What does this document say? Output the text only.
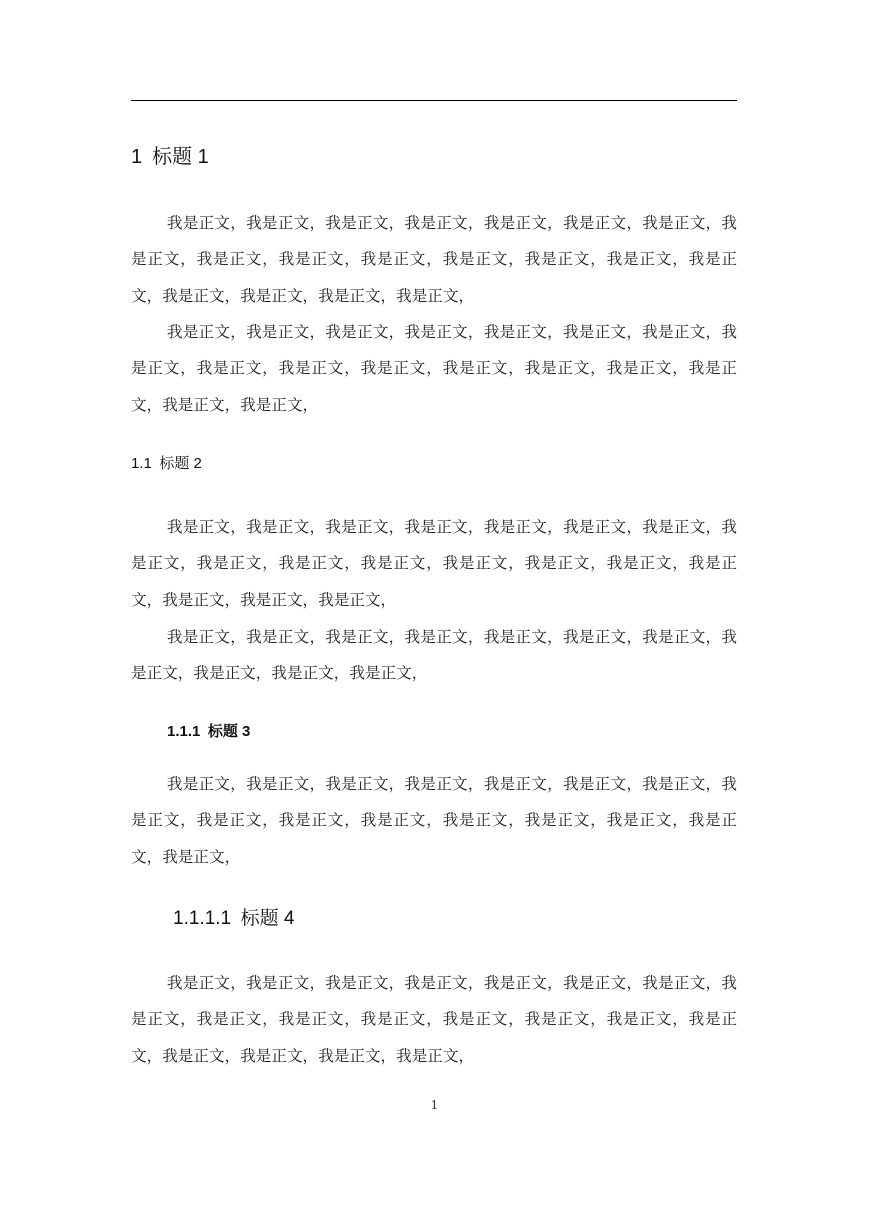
1 标题 1

我是正文，我是正文，我是正文，我是正文，我是正文，我是正文，我是正文，我是正文，我是正文，我是正文，我是正文，我是正文，我是正文，我是正文，我是正文，我是正文，我是正文，我是正文，我是正文，

我是正文，我是正文，我是正文，我是正文，我是正文，我是正文，我是正文，我是正文，我是正文，我是正文，我是正文，我是正文，我是正文，我是正文，我是正文，我是正文，我是正文，

1.1 标题 2

我是正文，我是正文，我是正文，我是正文，我是正文，我是正文，我是正文，我是正文，我是正文，我是正文，我是正文，我是正文，我是正文，我是正文，我是正文，我是正文，我是正文，我是正文，

我是正文，我是正文，我是正文，我是正文，我是正文，我是正文，我是正文，我是正文，我是正文，我是正文，我是正文，

1.1.1 标题 3

我是正文，我是正文，我是正文，我是正文，我是正文，我是正文，我是正文，我是正文，我是正文，我是正文，我是正文，我是正文，我是正文，我是正文，我是正文，我是正文，

1.1.1.1 标题 4

我是正文，我是正文，我是正文，我是正文，我是正文，我是正文，我是正文，我是正文，我是正文，我是正文，我是正文，我是正文，我是正文，我是正文，我是正文，我是正文，我是正文，我是正文，我是正文，

1
